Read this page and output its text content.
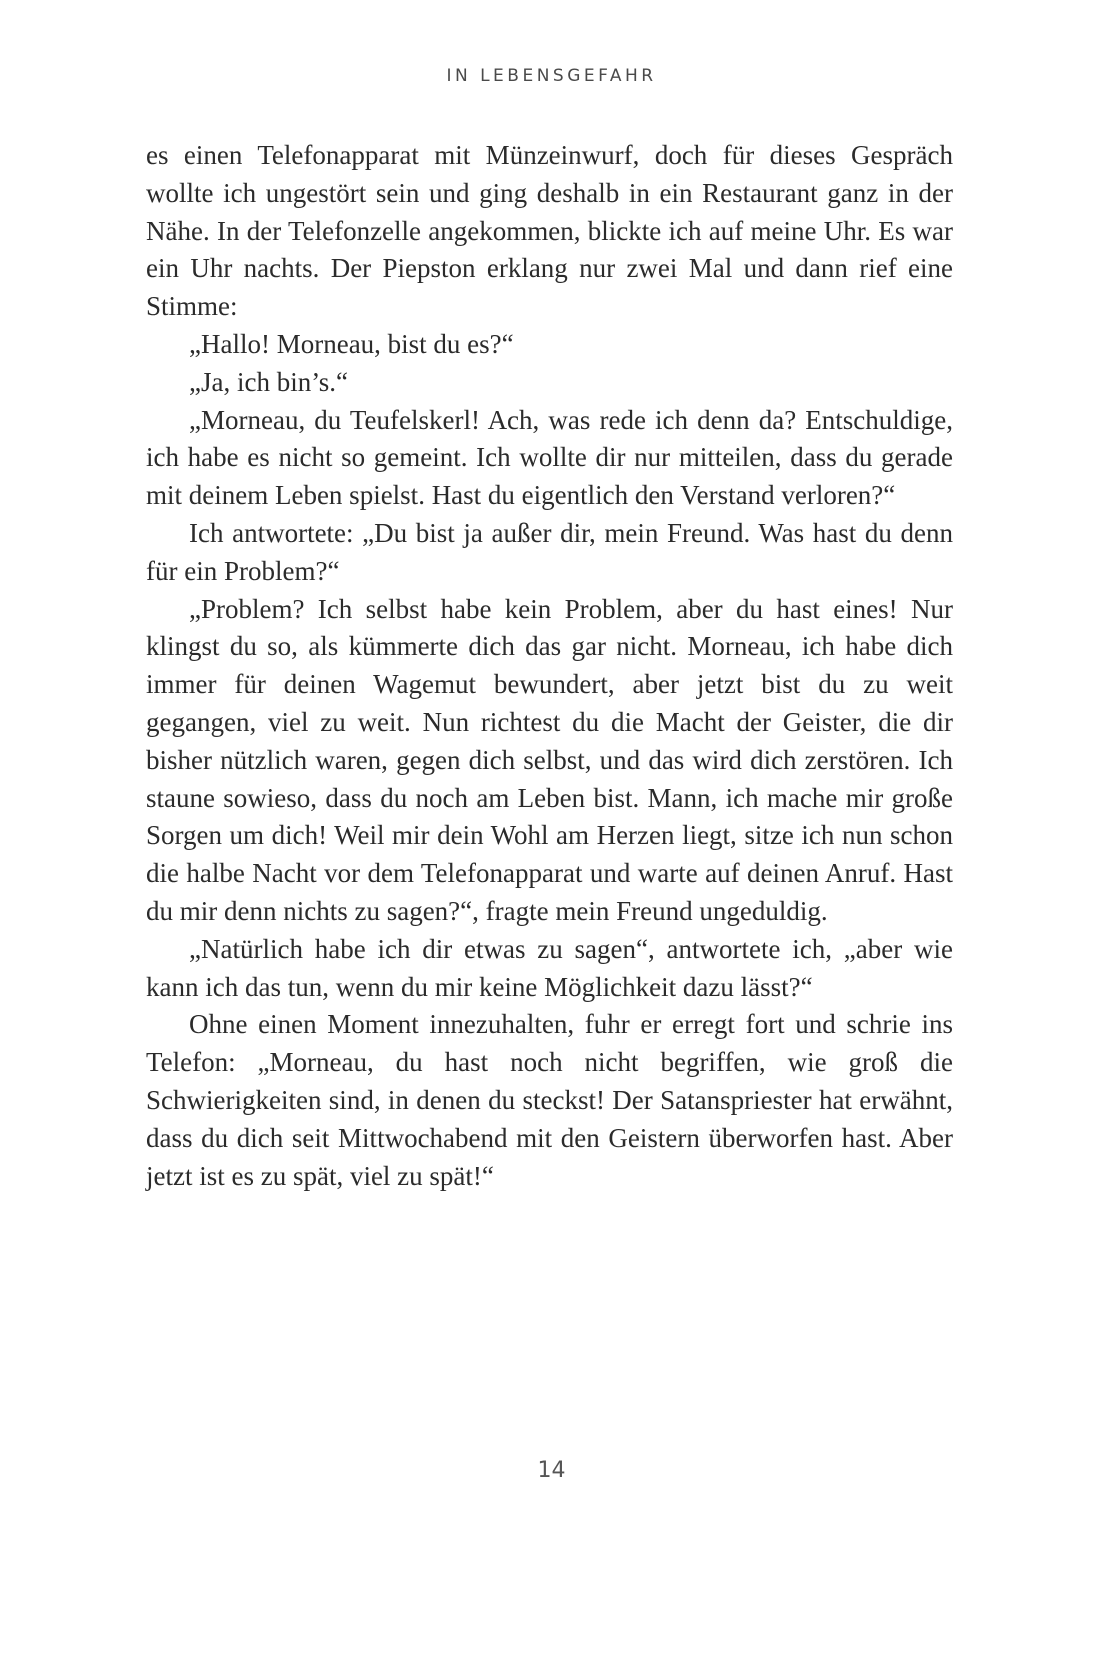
IN LEBENSGEFAHR

es einen Telefonapparat mit Münzeinwurf, doch für dieses Gespräch wollte ich ungestört sein und ging deshalb in ein Restaurant ganz in der Nähe. In der Telefonzelle angekommen, blickte ich auf meine Uhr. Es war ein Uhr nachts. Der Piepston erklang nur zwei Mal und dann rief eine Stimme:

„Hallo! Morneau, bist du es?“

„Ja, ich bin’s.“

„Morneau, du Teufelskerl! Ach, was rede ich denn da? Entschuldige, ich habe es nicht so gemeint. Ich wollte dir nur mitteilen, dass du gerade mit deinem Leben spielst. Hast du eigentlich den Verstand verloren?“

Ich antwortete: „Du bist ja außer dir, mein Freund. Was hast du denn für ein Problem?“

„Problem? Ich selbst habe kein Problem, aber du hast eines! Nur klingst du so, als kümmerte dich das gar nicht. Morneau, ich habe dich immer für deinen Wagemut bewundert, aber jetzt bist du zu weit gegangen, viel zu weit. Nun richtest du die Macht der Geister, die dir bisher nützlich waren, gegen dich selbst, und das wird dich zerstören. Ich staune sowieso, dass du noch am Leben bist. Mann, ich mache mir große Sorgen um dich! Weil mir dein Wohl am Herzen liegt, sitze ich nun schon die halbe Nacht vor dem Telefonapparat und warte auf deinen Anruf. Hast du mir denn nichts zu sagen?“, fragte mein Freund ungeduldig.

„Natürlich habe ich dir etwas zu sagen“, antwortete ich, „aber wie kann ich das tun, wenn du mir keine Möglichkeit dazu lässt?“

Ohne einen Moment innezuhalten, fuhr er erregt fort und schrie ins Telefon: „Morneau, du hast noch nicht begriffen, wie groß die Schwierigkeiten sind, in denen du steckst! Der Satanspriester hat erwähnt, dass du dich seit Mittwochabend mit den Geistern überworfen hast. Aber jetzt ist es zu spät, viel zu spät!“

14
